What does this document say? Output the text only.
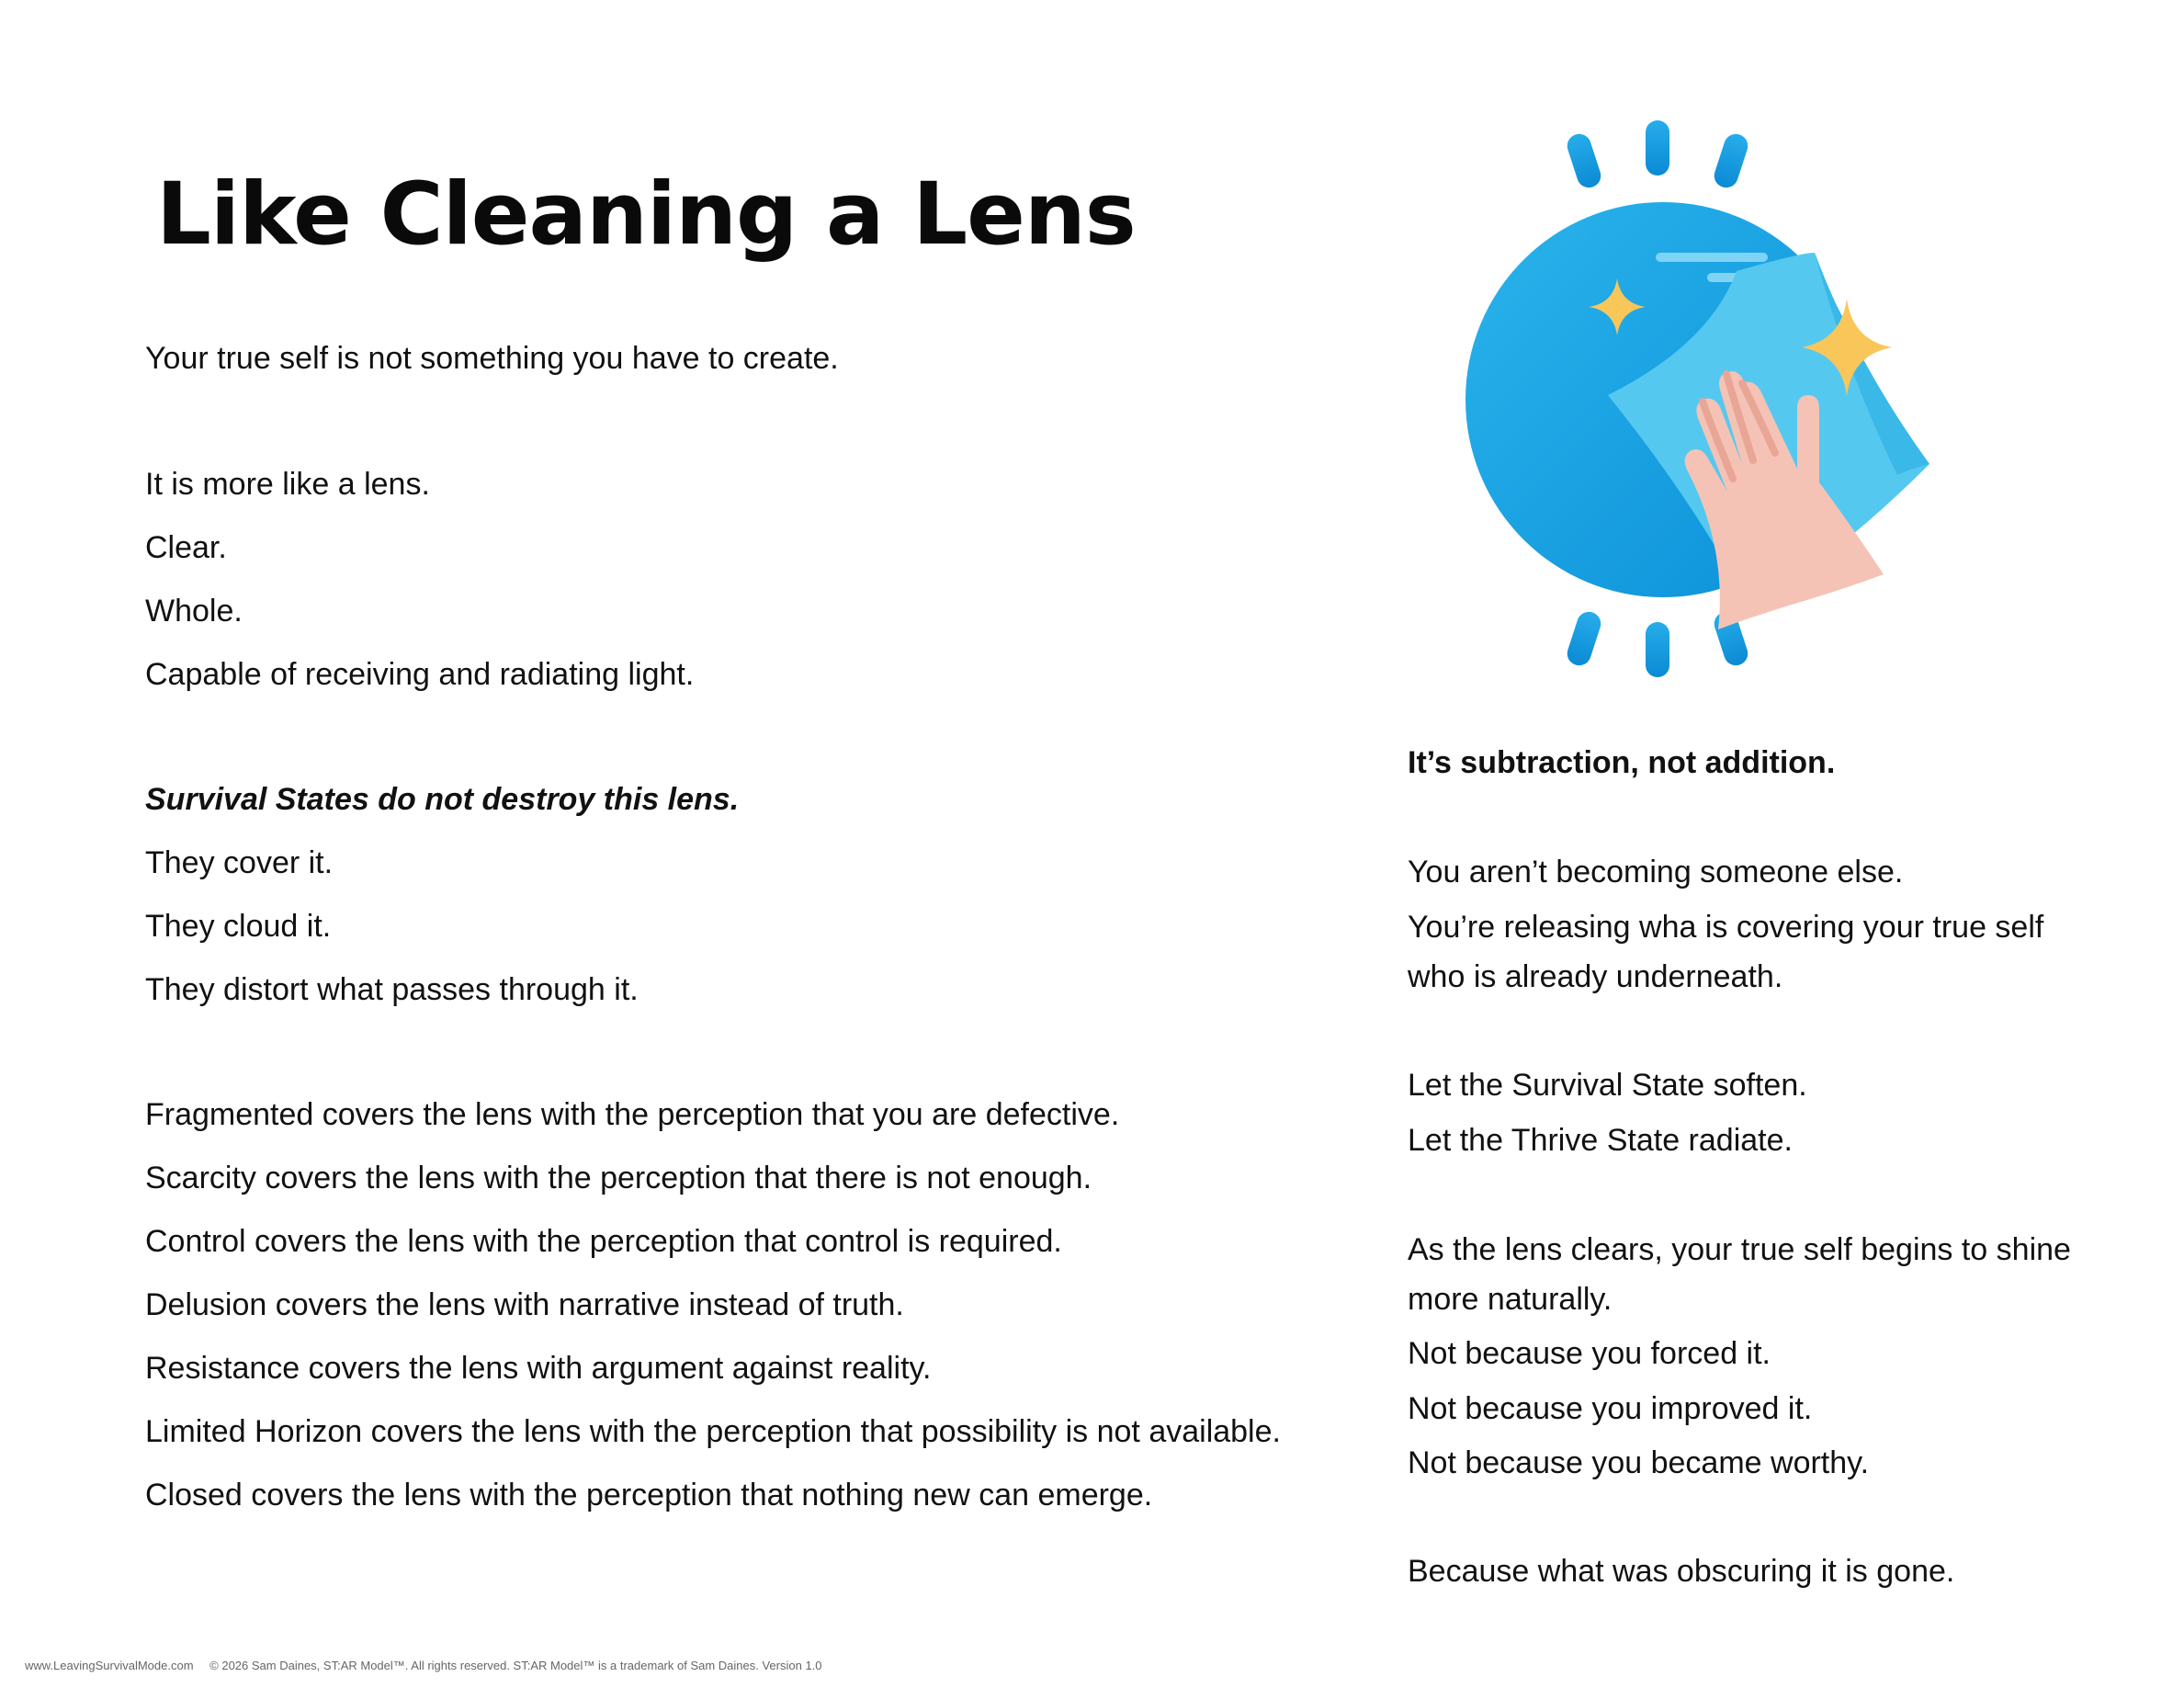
Like Cleaning a Lens
Your true self is not something you have to create.
It is more like a lens.
Clear.
Whole.
Capable of receiving and radiating light.
Survival States do not destroy this lens.
They cover it.
They cloud it.
They distort what passes through it.
Fragmented covers the lens with the perception that you are defective.
Scarcity covers the lens with the perception that there is not enough.
Control covers the lens with the perception that control is required.
Delusion covers the lens with narrative instead of truth.
Resistance covers the lens with argument against reality.
Limited Horizon covers the lens with the perception that possibility is not available.
Closed covers the lens with the perception that nothing new can emerge.
It’s subtraction, not addition.
You aren’t becoming someone else.
You’re releasing wha is covering your true self
who is already underneath.
Let the Survival State soften.
Let the Thrive State radiate.
As the lens clears, your true self begins to shine
more naturally.
Not because you forced it.
Not because you improved it.
Not because you became worthy.
Because what was obscuring it is gone.
www.LeavingSurvivalMode.com © 2026 Sam Daines, ST:AR Model™. All rights reserved. ST:AR Model™ is a trademark of Sam Daines. Version 1.0
